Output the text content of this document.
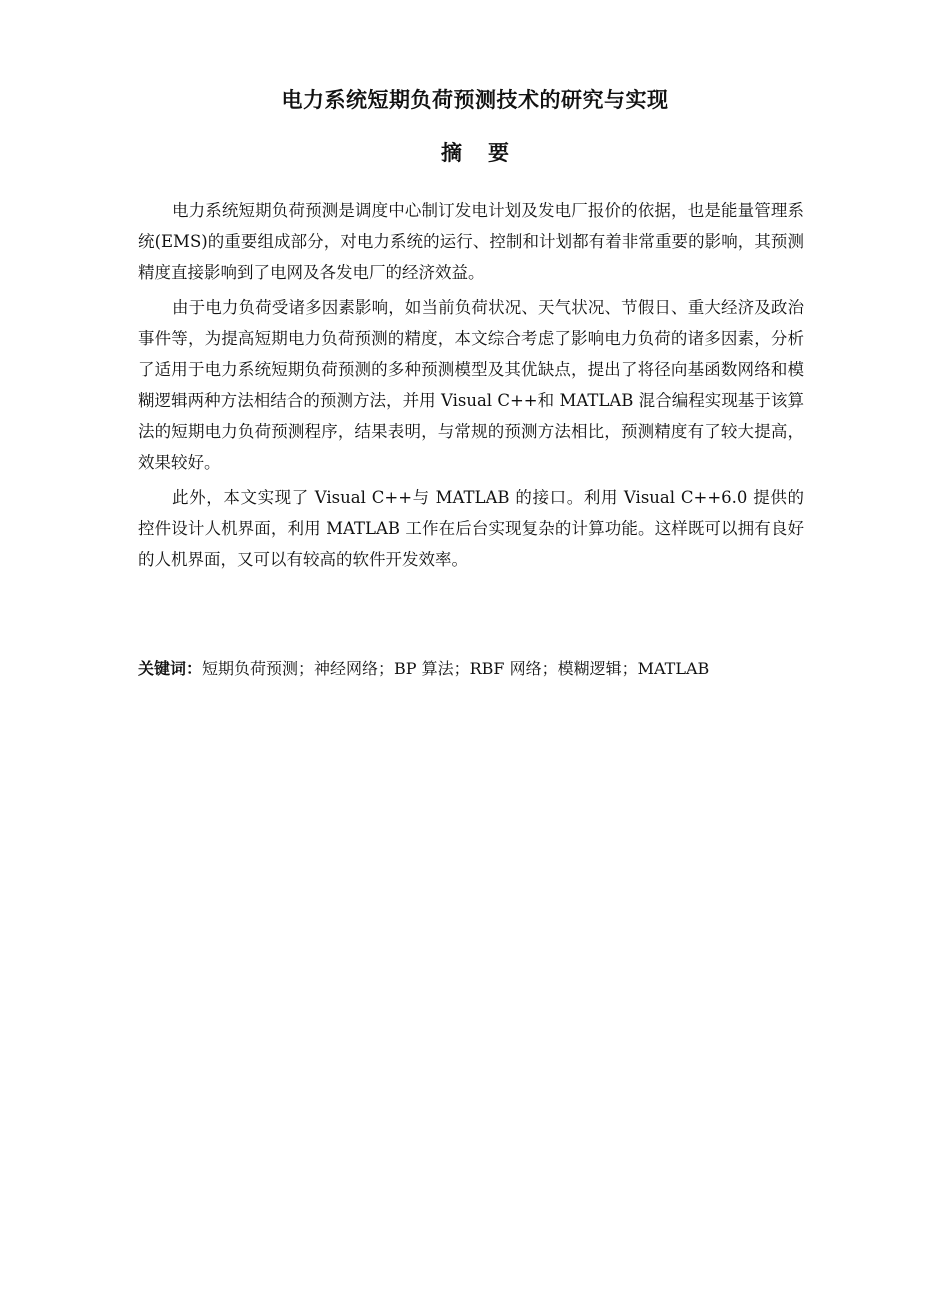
电力系统短期负荷预测技术的研究与实现
摘要

电力系统短期负荷预测是调度中心制订发电计划及发电厂报价的依据，也是能量管理系统(EMS)的重要组成部分，对电力系统的运行、控制和计划都有着非常重要的影响，其预测精度直接影响到了电网及各发电厂的经济效益。

由于电力负荷受诸多因素影响，如当前负荷状况、天气状况、节假日、重大经济及政治事件等，为提高短期电力负荷预测的精度，本文综合考虑了影响电力负荷的诸多因素，分析了适用于电力系统短期负荷预测的多种预测模型及其优缺点，提出了将径向基函数网络和模糊逻辑两种方法相结合的预测方法，并用 Visual C++和 MATLAB 混合编程实现基于该算法的短期电力负荷预测程序，结果表明，与常规的预测方法相比，预测精度有了较大提高，效果较好。

此外，本文实现了 Visual C++与 MATLAB 的接口。利用 Visual C++6.0 提供的控件设计人机界面，利用 MATLAB 工作在后台实现复杂的计算功能。这样既可以拥有良好的人机界面，又可以有较高的软件开发效率。

关键词：短期负荷预测；神经网络；BP 算法；RBF 网络；模糊逻辑；MATLAB
